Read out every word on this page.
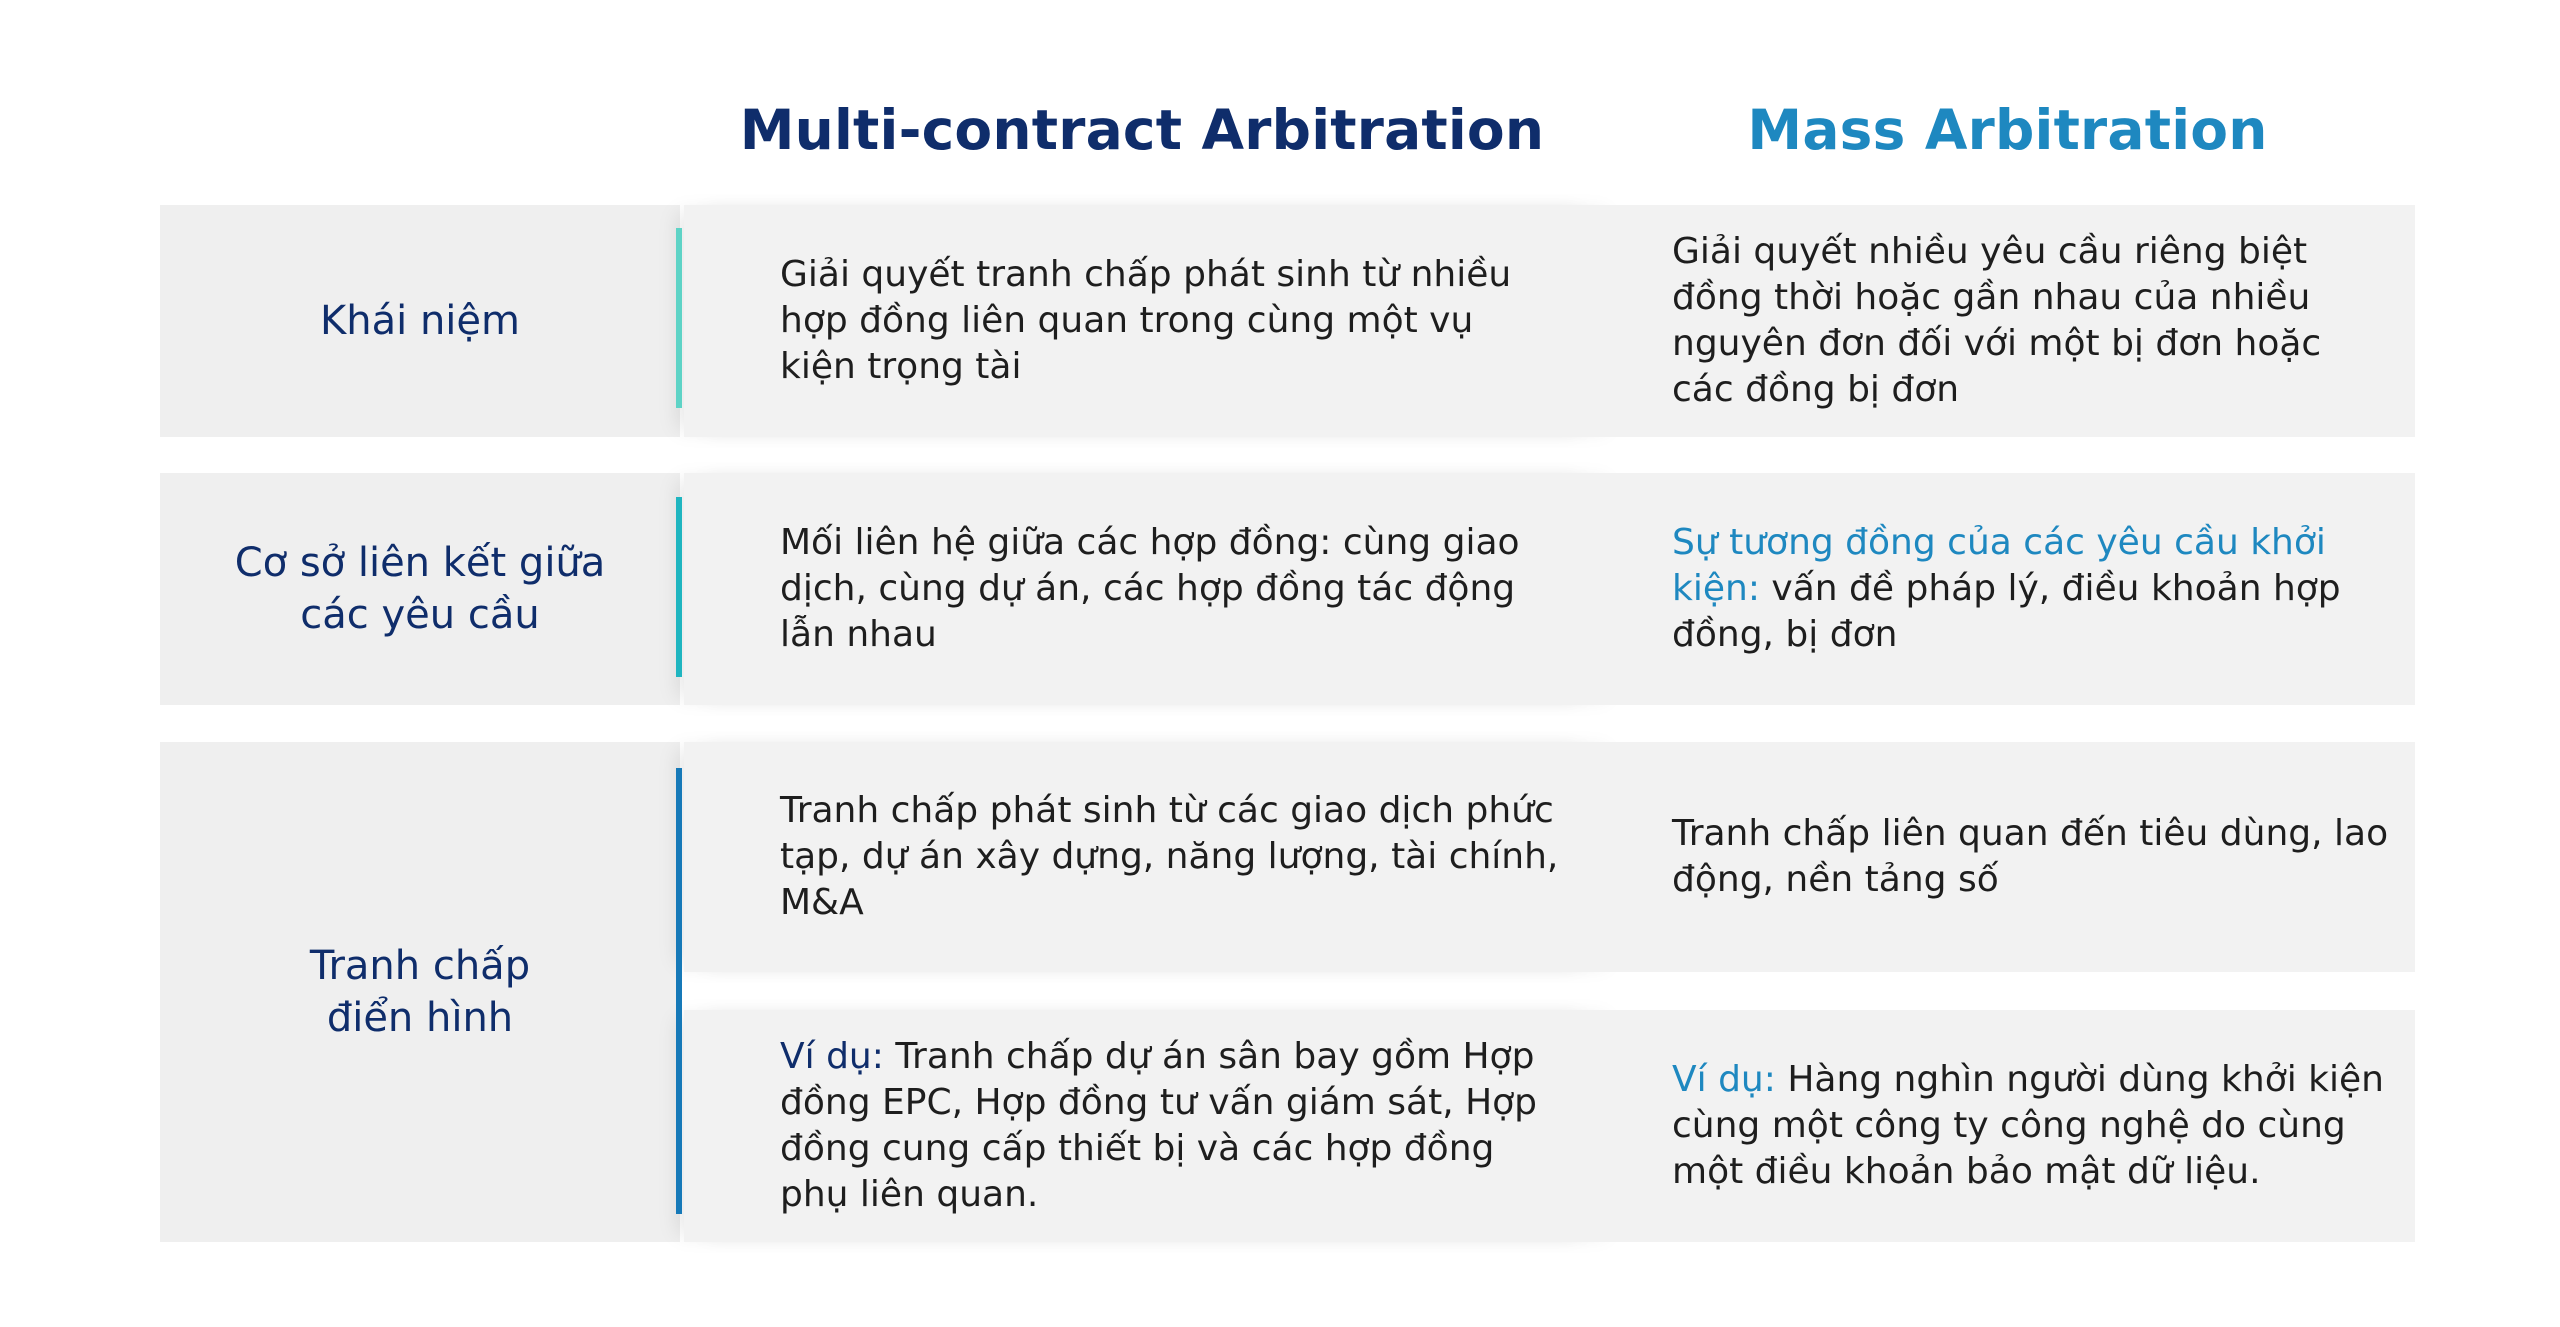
Multi-contract Arbitration	Mass Arbitration
Khái niệm
Cơ sở liên kết giữa các yêu cầu
Tranh chấp điển hình

Giải quyết tranh chấp phát sinh từ nhiều hợp đồng liên quan trong cùng một vụ kiện trọng tài

Mối liên hệ giữa các hợp đồng: cùng giao dịch, cùng dự án, các hợp đồng tác động lẫn nhau

Tranh chấp phát sinh từ các giao dịch phức tạp, dự án xây dựng, năng lượng, tài chính, M&A

Ví dụ: Tranh chấp dự án sân bay gồm Hợp đồng EPC, Hợp đồng tư vấn giám sát, Hợp đồng cung cấp thiết bị và các hợp đồng phụ liên quan.

Giải quyết nhiều yêu cầu riêng biệt đồng thời hoặc gần nhau của nhiều nguyên đơn đối với một bị đơn hoặc các đồng bị đơn

Sự tương đồng của các yêu cầu khởi kiện: vấn đề pháp lý, điều khoản hợp đồng, bị đơn

Tranh chấp liên quan đến tiêu dùng, lao động, nền tảng số

Ví dụ: Hàng nghìn người dùng khởi kiện cùng một công ty công nghệ do cùng một điều khoản bảo mật dữ liệu.
